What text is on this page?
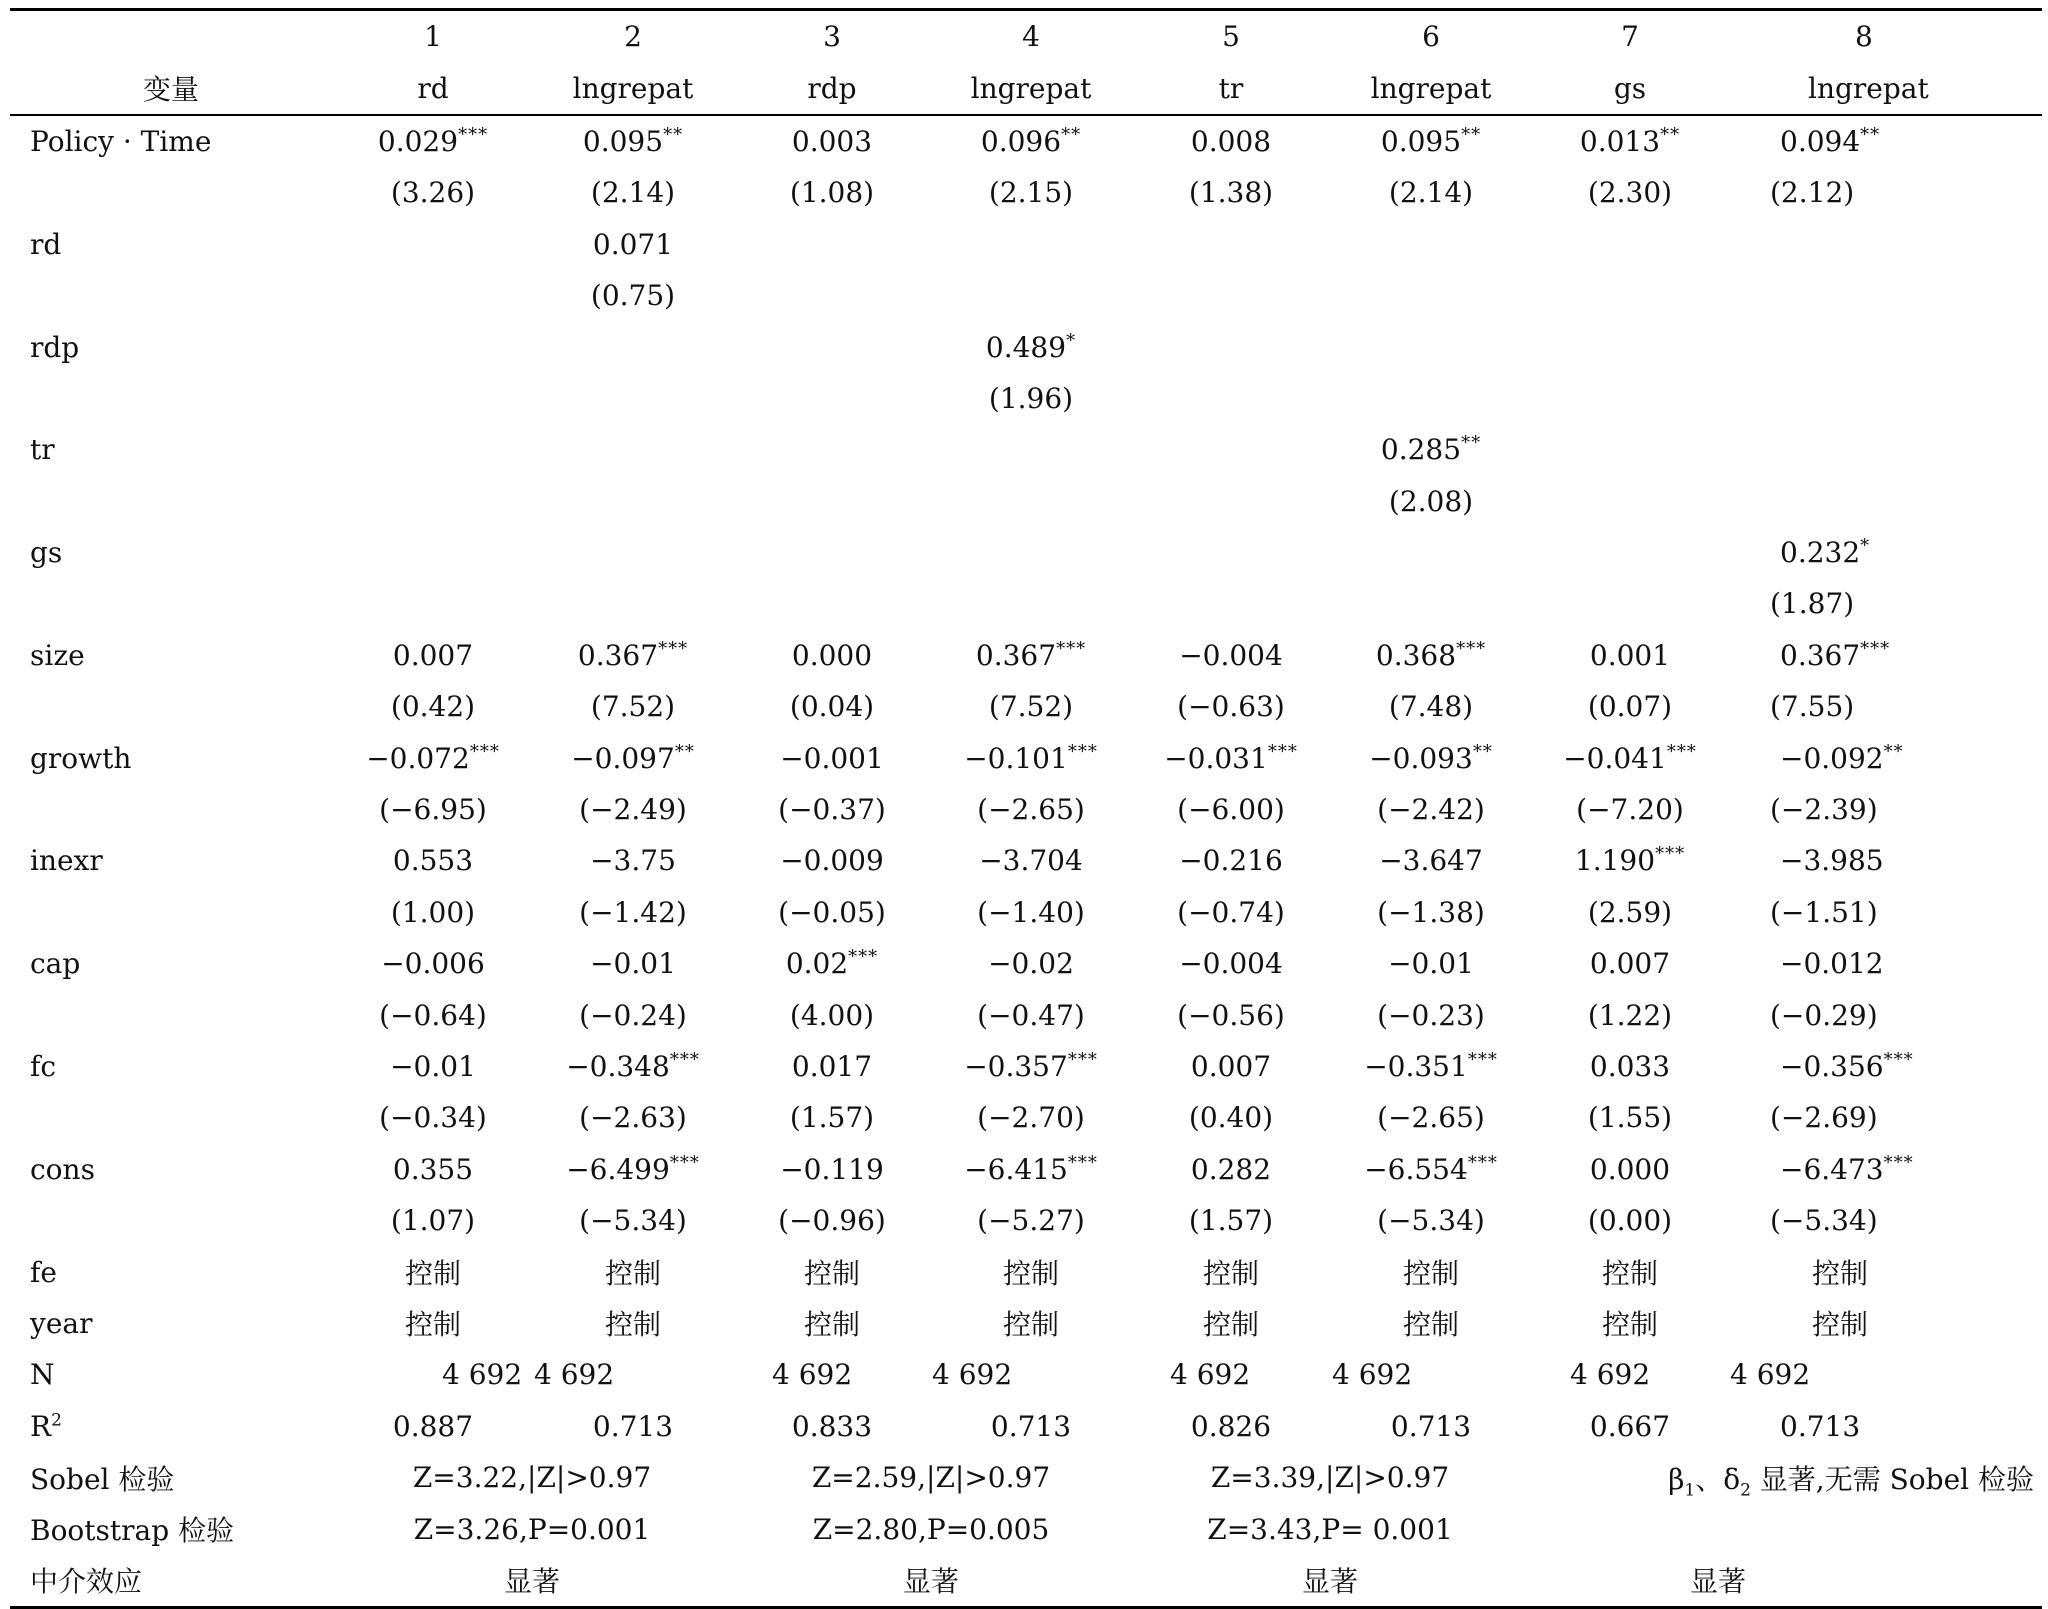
	1	2	3	4	5	6	7	8
变量	rd	lngrepat	rdp	lngrepat	tr	lngrepat	gs	lngrepat
Policy · Time	0.029***	0.095**	0.003	0.096**	0.008	0.095**	0.013**	0.094**
	(3.26)	(2.14)	(1.08)	(2.15)	(1.38)	(2.14)	(2.30)	(2.12)
rd		0.071						
		(0.75)						
rdp				0.489*				
				(1.96)				
tr						0.285**		
						(2.08)		
gs								0.232*
								(1.87)
size	0.007	0.367***	0.000	0.367***	−0.004	0.368***	0.001	0.367***
	(0.42)	(7.52)	(0.04)	(7.52)	(−0.63)	(7.48)	(0.07)	(7.55)
growth	−0.072***	−0.097**	−0.001	−0.101***	−0.031***	−0.093**	−0.041***	−0.092**
	(−6.95)	(−2.49)	(−0.37)	(−2.65)	(−6.00)	(−2.42)	(−7.20)	(−2.39)
inexr	0.553	−3.75	−0.009	−3.704	−0.216	−3.647	1.190***	−3.985
	(1.00)	(−1.42)	(−0.05)	(−1.40)	(−0.74)	(−1.38)	(2.59)	(−1.51)
cap	−0.006	−0.01	0.02***	−0.02	−0.004	−0.01	0.007	−0.012
	(−0.64)	(−0.24)	(4.00)	(−0.47)	(−0.56)	(−0.23)	(1.22)	(−0.29)
fc	−0.01	−0.348***	0.017	−0.357***	0.007	−0.351***	0.033	−0.356***
	(−0.34)	(−2.63)	(1.57)	(−2.70)	(0.40)	(−2.65)	(1.55)	(−2.69)
cons	0.355	−6.499***	−0.119	−6.415***	0.282	−6.554***	0.000	−6.473***
	(1.07)	(−5.34)	(−0.96)	(−5.27)	(1.57)	(−5.34)	(0.00)	(−5.34)
fe	控制	控制	控制	控制	控制	控制	控制	控制
year	控制	控制	控制	控制	控制	控制	控制	控制
N	4 692	4 692	4 692	4 692	4 692	4 692	4 692	4 692
$R^2$	0.887	0.713	0.833	0.713	0.826	0.713	0.667	0.713
Sobel 检验	Z=3.22,|Z|>0.97		Z=2.59,|Z|>0.97		Z=3.39,|Z|>0.97		$\beta_1$、$\delta_2$ 显著,无需 Sobel 检验	
Bootstrap 检验	Z=3.26,P=0.001		Z=2.80,P=0.005		Z=3.43,P= 0.001			
中介效应	显著		显著		显著		显著	
